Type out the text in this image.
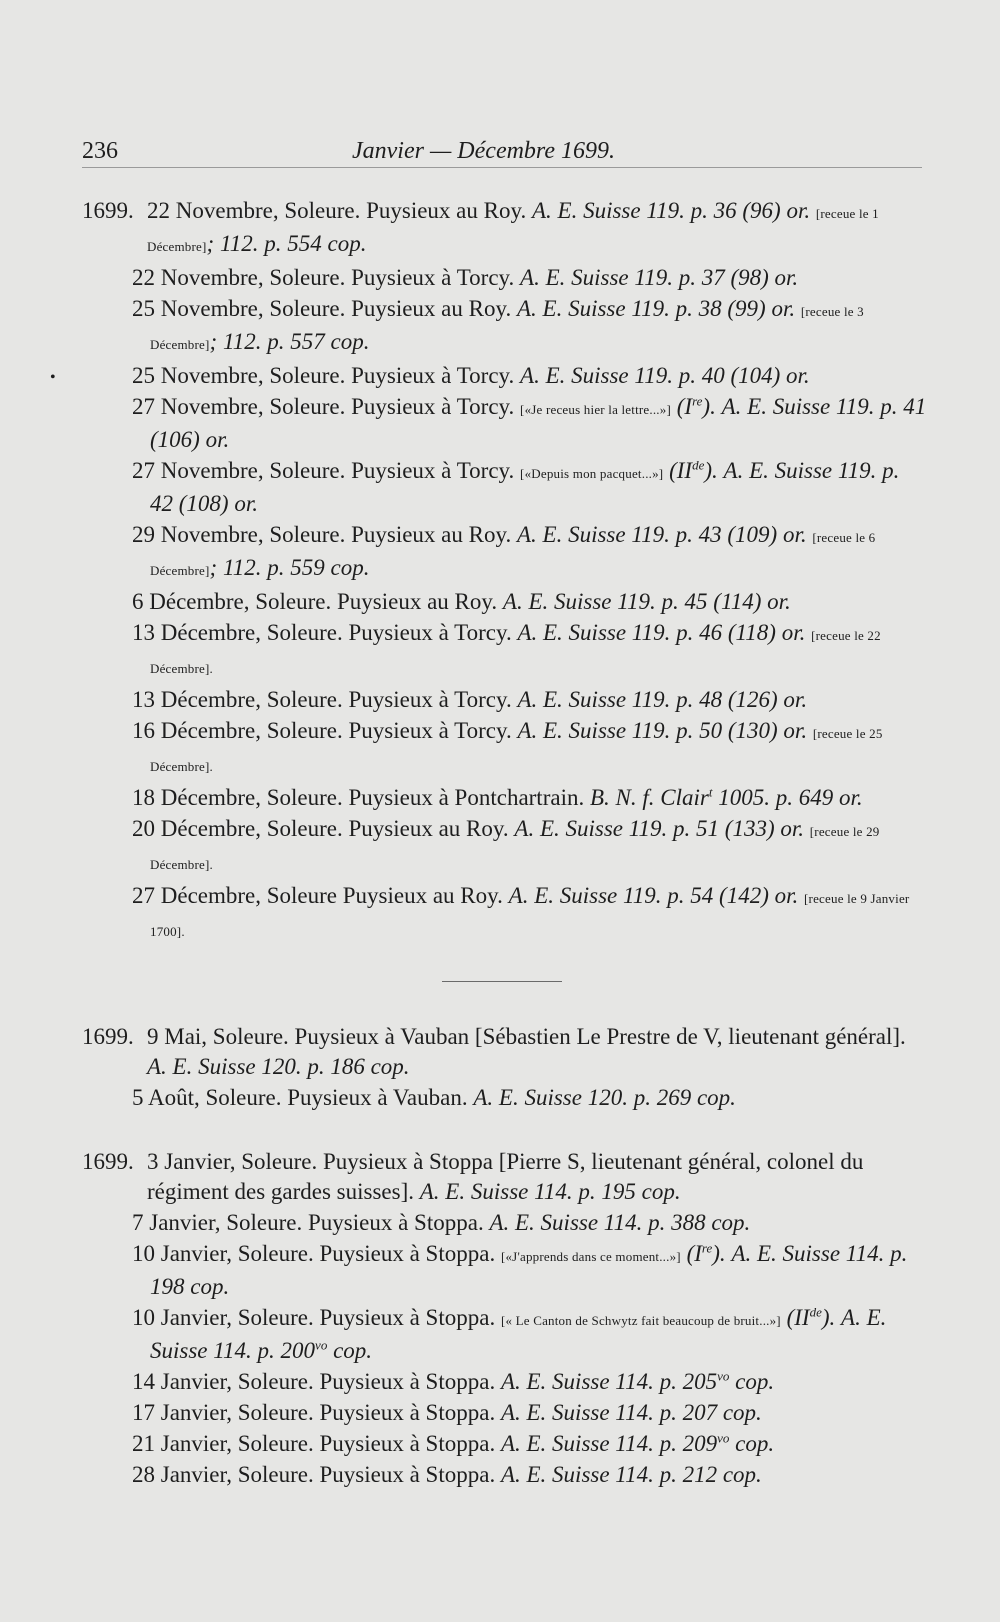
236	Janvier — Décembre 1699.
1699. 22 Novembre, Soleure. Puysieux au Roy. A. E. Suisse 119. p. 36 (96) or. [receue le 1 Décembre]; 112. p. 554 cop.
22 Novembre, Soleure. Puysieux à Torcy. A. E. Suisse 119. p. 37 (98) or.
25 Novembre, Soleure. Puysieux au Roy. A. E. Suisse 119. p. 38 (99) or. [receue le 3 Décembre]; 112. p. 557 cop.
•	25 Novembre, Soleure. Puysieux à Torcy. A. E. Suisse 119. p. 40 (104) or.
27 Novembre, Soleure. Puysieux à Torcy. [«Je receus hier la lettre...»] (Ire). A. E. Suisse 119. p. 41 (106) or.
27 Novembre, Soleure. Puysieux à Torcy. [«Depuis mon pacquet...»] (IIde). A. E. Suisse 119. p. 42 (108) or.
29 Novembre, Soleure. Puysieux au Roy. A. E. Suisse 119. p. 43 (109) or. [receue le 6 Décembre]; 112. p. 559 cop.
6 Décembre, Soleure. Puysieux au Roy. A. E. Suisse 119. p. 45 (114) or.
13 Décembre, Soleure. Puysieux à Torcy. A. E. Suisse 119. p. 46 (118) or. [receue le 22 Décembre].
13 Décembre, Soleure. Puysieux à Torcy. A. E. Suisse 119. p. 48 (126) or.
16 Décembre, Soleure. Puysieux à Torcy. A. E. Suisse 119. p. 50 (130) or. [receue le 25 Décembre].
18 Décembre, Soleure. Puysieux à Pontchartrain. B. N. f. Clair$^t$ 1005. p. 649 or.
20 Décembre, Soleure. Puysieux au Roy. A. E. Suisse 119. p. 51 (133) or. [receue le 29 Décembre].
27 Décembre, Soleure Puysieux au Roy. A. E. Suisse 119. p. 54 (142) or. [receue le 9 Janvier 1700].
1699. 9 Mai, Soleure. Puysieux à Vauban [Sébastien Le Prestre de V, lieutenant général]. A. E. Suisse 120. p. 186 cop.
5 Août, Soleure. Puysieux à Vauban. A. E. Suisse 120. p. 269 cop.
1699. 3 Janvier, Soleure. Puysieux à Stoppa [Pierre S, lieutenant général, colonel du régiment des gardes suisses]. A. E. Suisse 114. p. 195 cop.
7 Janvier, Soleure. Puysieux à Stoppa. A. E. Suisse 114. p. 388 cop.
10 Janvier, Soleure. Puysieux à Stoppa. [«J'apprends dans ce moment...»] (Ire). A. E. Suisse 114. p. 198 cop.
10 Janvier, Soleure. Puysieux à Stoppa. [« Le Canton de Schwytz fait beaucoup de bruit...»] (IIde). A. E. Suisse 114. p. $200^{vo}$ cop.
14 Janvier, Soleure. Puysieux à Stoppa. A. E. Suisse 114. p. $205^{vo}$ cop.
17 Janvier, Soleure. Puysieux à Stoppa. A. E. Suisse 114. p. 207 cop.
21 Janvier, Soleure. Puysieux à Stoppa. A. E. Suisse 114. p. $209^{vo}$ cop.
28 Janvier, Soleure. Puysieux à Stoppa. A. E. Suisse 114. p. 212 cop.
